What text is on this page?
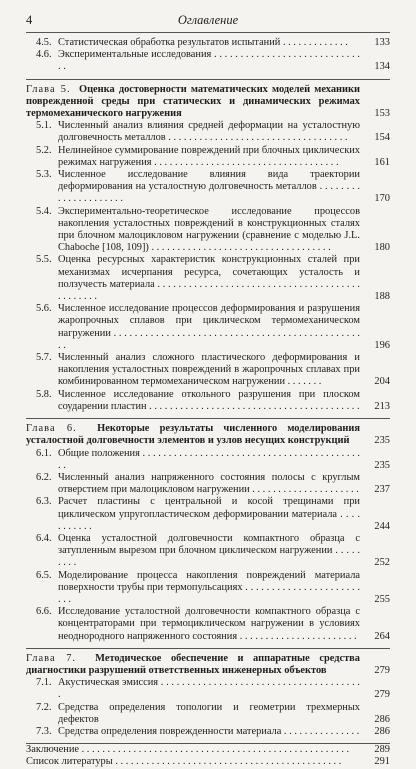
4	Оглавление
4.5. Статистическая обработка результатов испытаний . . . . . . . . . . . . .	133
4.6. Экспериментальные исследования . . . . . . . . . . . . . . . . . . . . . . . . . . . . . .	134
Глава 5. Оценка достоверности математических моделей механики поврежденной среды при статических и динамических режимах термомеханического нагружения	153
5.1. Численный анализ влияния средней деформации на усталостную долговечность металлов . . . . . . . . . . . . . . . . . . . . . . . . . . . . . . . . . . .	154
5.2. Нелинейное суммирование повреждений при блочных циклических режимах нагружения . . . . . . . . . . . . . . . . . . . . . . . . . . . . . . . . . . . .	161
5.3. Численное исследование влияния вида траектории деформирования на усталостную долговечность металлов . . . . . . . . . . . . . . . . . . . . .	170
5.4. Экспериментально-теоретическое исследование процессов накопления усталостных повреждений в конструкционных сталях при блочном малоцикловом нагружении (сравнение с моделью J.L. Chaboche [108, 109]) . . . . . . . . . . . . . . . . . . . . . . . . . . . . . . . . . . .	180
5.5. Оценка ресурсных характеристик конструкционных сталей при механизмах исчерпания ресурса, сочетающих усталость и ползучесть материала . . . . . . . . . . . . . . . . . . . . . . . . . . . . . . . . . . . . . . . . . . . . . . .	188
5.6. Численное исследование процессов деформирования и разрушения жаропрочных сплавов при циклическом термомеханическом нагружении . . . . . . . . . . . . . . . . . . . . . . . . . . . . . . . . . . . . . . . . . . . . . . . . .	196
5.7. Численный анализ сложного пластического деформирования и накопления усталостных повреждений в жаропрочных сплавах при комбинированном термомеханическом нагружении . . . . . . .	204
5.8. Численное исследование откольного разрушения при плоском соударении пластин . . . . . . . . . . . . . . . . . . . . . . . . . . . . . . . . . . . . . . . . . 213
Глава 6. Некоторые результаты численного моделирования усталостной долговечности элементов и узлов несущих конструкций	235
6.1. Общие положения . . . . . . . . . . . . . . . . . . . . . . . . . . . . . . . . . . . . . . . . . . . .	235
6.2. Численный анализ напряженного состояния полосы с круглым отверстием при малоцикловом нагружении . . . . . . . . . . . . . . . . . . . . . 237
6.3. Расчет пластины с центральной и косой трещинами при циклическом упругопластическом деформировании материала . . . . . . . . . . .	244
6.4. Оценка усталостной долговечности компактного образца с затупленным вырезом при блочном циклическом нагружении . . . . . . . . .	252
6.5. Моделирование процесса накопления повреждений материала поверхности трубы при термопульсациях . . . . . . . . . . . . . . . . . . . . . . . . .	255
6.6. Исследование усталостной долговечности компактного образца с концентраторами при термоциклическом нагружении в условиях неоднородного напряженного состояния . . . . . . . . . . . . . . . . . . . . . . .	264
Глава 7. Методическое обеспечение и аппаратные средства диагностики разрушений ответственных инженерных объектов	279
7.1. Акустическая эмиссия . . . . . . . . . . . . . . . . . . . . . . . . . . . . . . . . . . . . . . .	279
7.2. Средства определения топологии и геометрии трехмерных дефектов	286
7.3. Средства определения поврежденности материала . . . . . . . . . . . . . . . 286
Заключение . . . . . . . . . . . . . . . . . . . . . . . . . . . . . . . . . . . . . . . . . . . . . . . . . . . .	289
Список литературы . . . . . . . . . . . . . . . . . . . . . . . . . . . . . . . . . . . . . . . . . . . .	291
